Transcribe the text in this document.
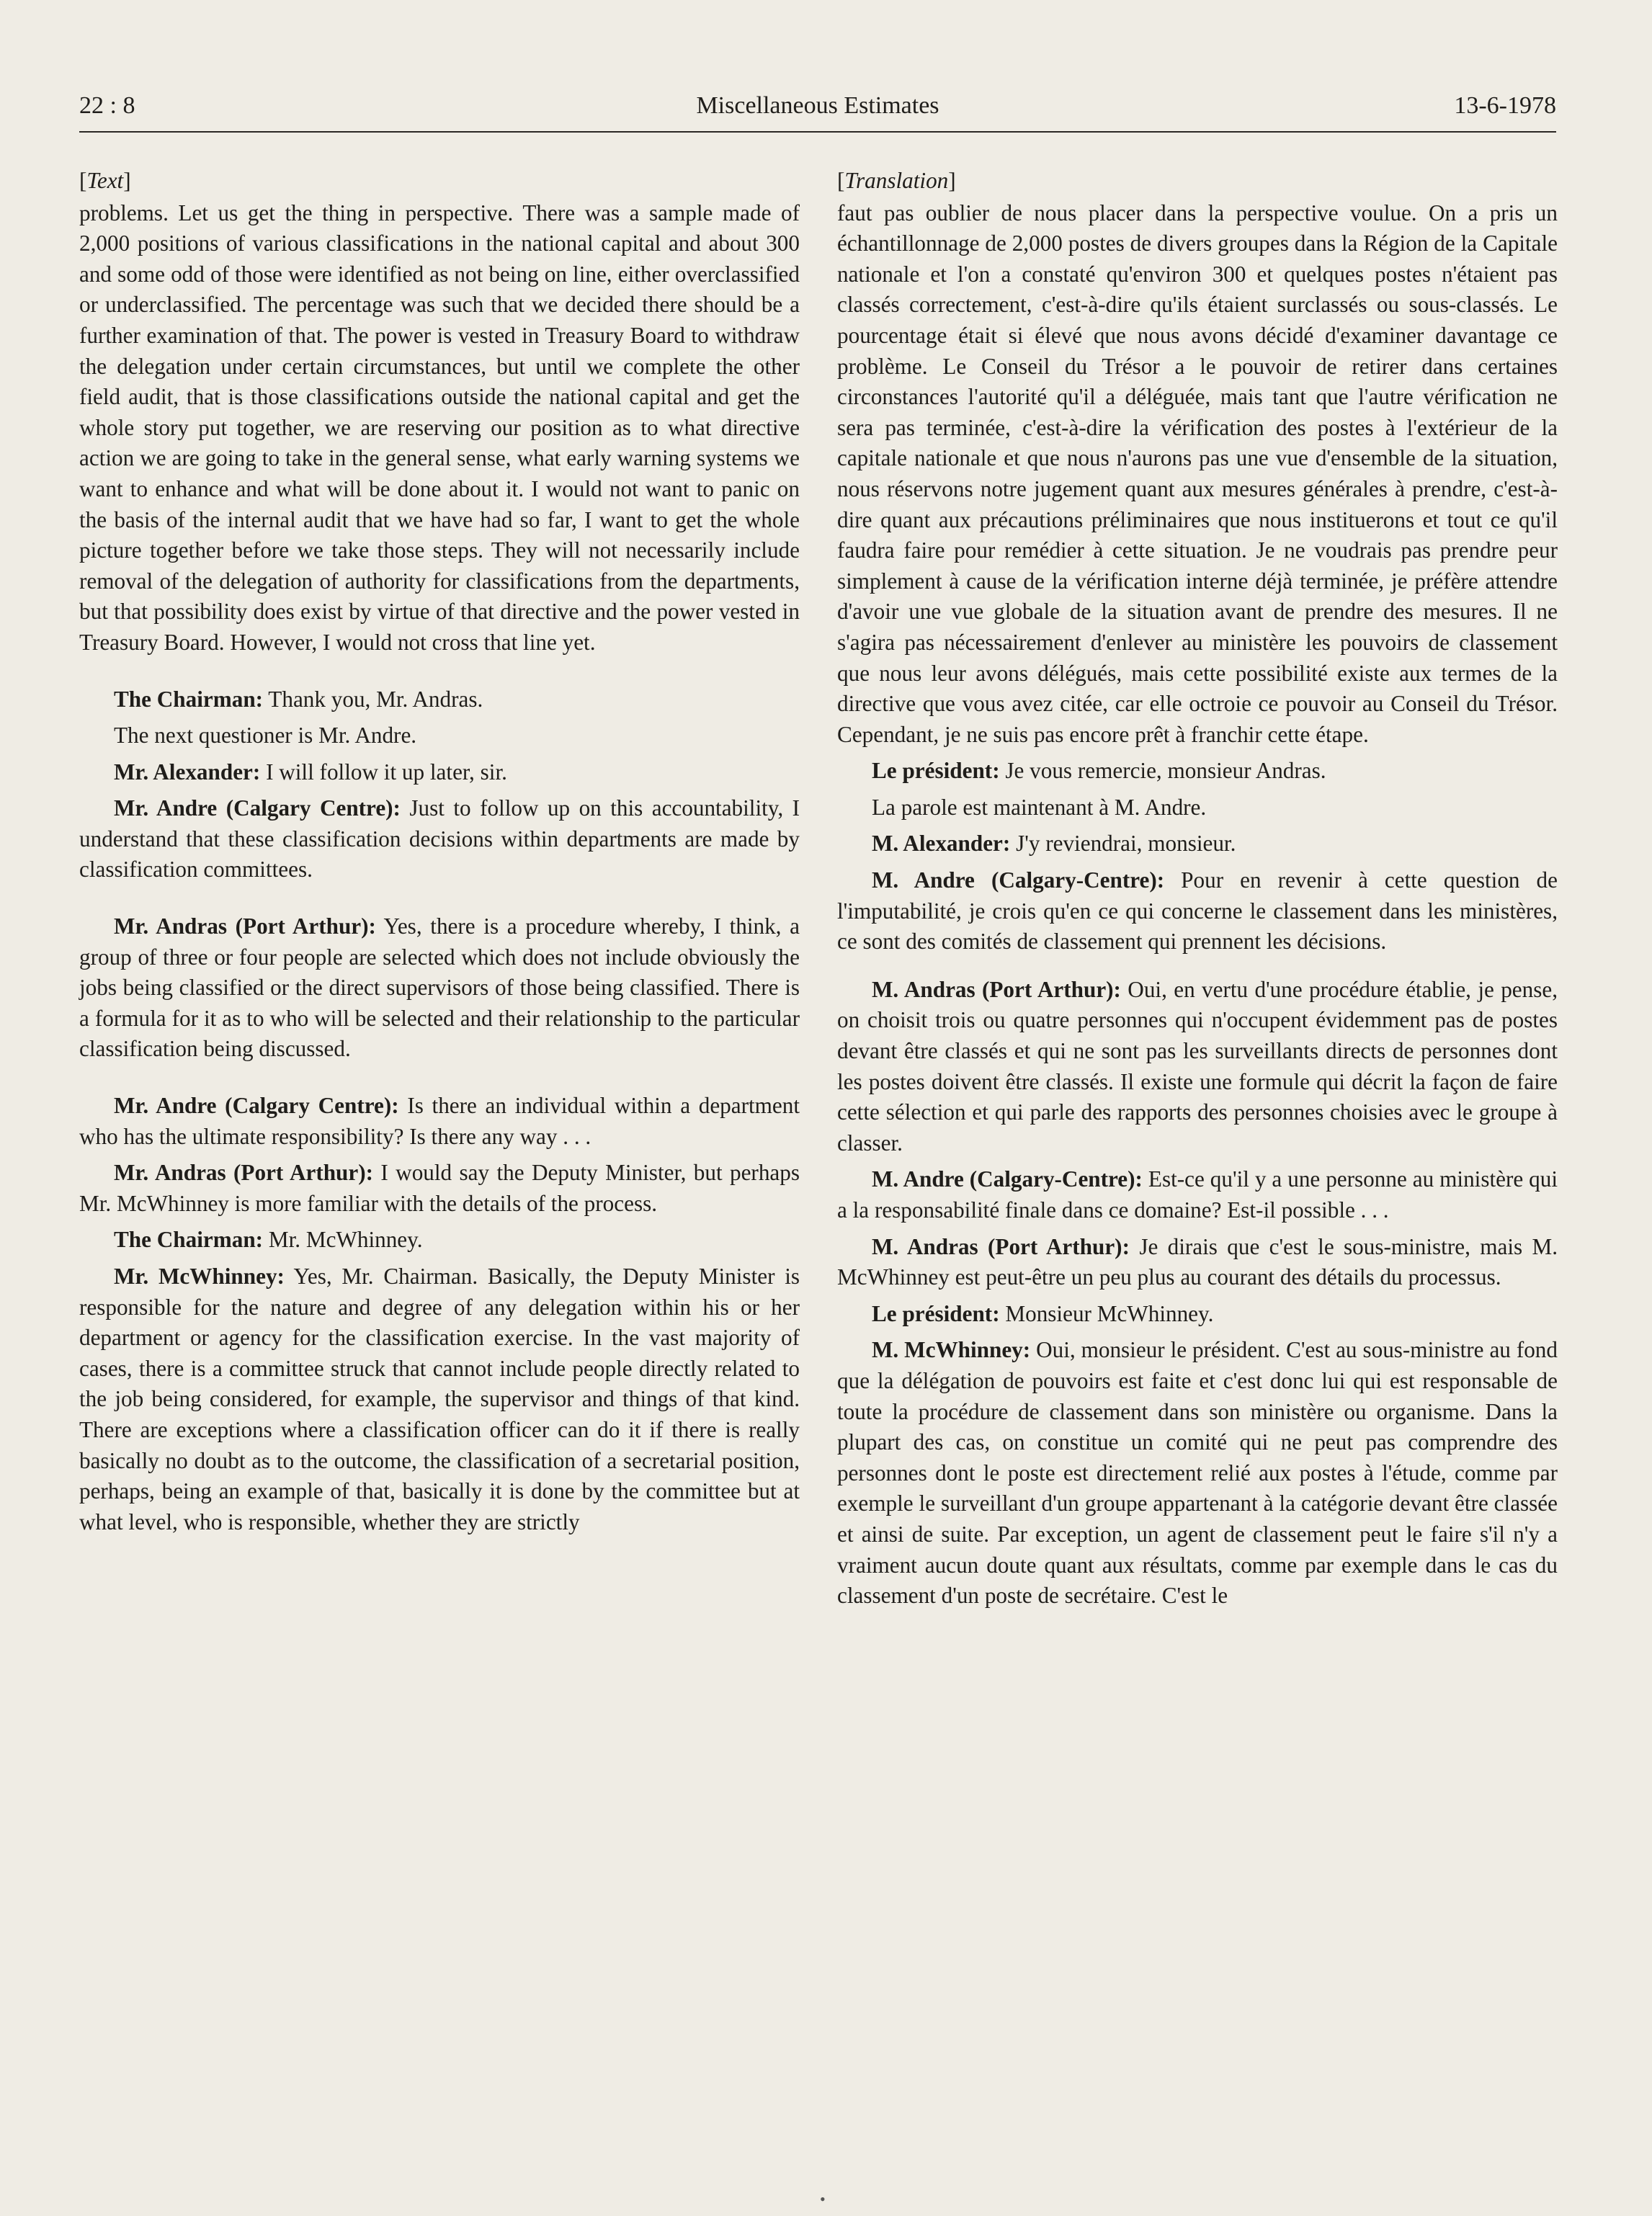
22 : 8	Miscellaneous Estimates	13-6-1978
[Text]

problems. Let us get the thing in perspective. There was a sample made of 2,000 positions of various classifications in the national capital and about 300 and some odd of those were identified as not being on line, either overclassified or underclassified. The percentage was such that we decided there should be a further examination of that. The power is vested in Treasury Board to withdraw the delegation under certain circumstances, but until we complete the other field audit, that is those classifications outside the national capital and get the whole story put together, we are reserving our position as to what directive action we are going to take in the general sense, what early warning systems we want to enhance and what will be done about it. I would not want to panic on the basis of the internal audit that we have had so far, I want to get the whole picture together before we take those steps. They will not necessarily include removal of the delegation of authority for classifications from the departments, but that possibility does exist by virtue of that directive and the power vested in Treasury Board. However, I would not cross that line yet.

The Chairman: Thank you, Mr. Andras.

The next questioner is Mr. Andre.

Mr. Alexander: I will follow it up later, sir.

Mr. Andre (Calgary Centre): Just to follow up on this accountability, I understand that these classification decisions within departments are made by classification committees.

Mr. Andras (Port Arthur): Yes, there is a procedure whereby, I think, a group of three or four people are selected which does not include obviously the jobs being classified or the direct supervisors of those being classified. There is a formula for it as to who will be selected and their relationship to the particular classification being discussed.

Mr. Andre (Calgary Centre): Is there an individual within a department who has the ultimate responsibility? Is there any way . . .

Mr. Andras (Port Arthur): I would say the Deputy Minister, but perhaps Mr. McWhinney is more familiar with the details of the process.

The Chairman: Mr. McWhinney.

Mr. McWhinney: Yes, Mr. Chairman. Basically, the Deputy Minister is responsible for the nature and degree of any delegation within his or her department or agency for the classification exercise. In the vast majority of cases, there is a committee struck that cannot include people directly related to the job being considered, for example, the supervisor and things of that kind. There are exceptions where a classification officer can do it if there is really basically no doubt as to the outcome, the classification of a secretarial position, perhaps, being an example of that, basically it is done by the committee but at what level, who is responsible, whether they are strictly

[Translation]

faut pas oublier de nous placer dans la perspective voulue. On a pris un échantillonnage de 2,000 postes de divers groupes dans la Région de la Capitale nationale et l'on a constaté qu'environ 300 et quelques postes n'étaient pas classés correctement, c'est-à-dire qu'ils étaient surclassés ou sous-classés. Le pourcentage était si élevé que nous avons décidé d'examiner davantage ce problème. Le Conseil du Trésor a le pouvoir de retirer dans certaines circonstances l'autorité qu'il a déléguée, mais tant que l'autre vérification ne sera pas terminée, c'est-à-dire la vérification des postes à l'extérieur de la capitale nationale et que nous n'aurons pas une vue d'ensemble de la situation, nous réservons notre jugement quant aux mesures générales à prendre, c'est-à-dire quant aux précautions préliminaires que nous instituerons et tout ce qu'il faudra faire pour remédier à cette situation. Je ne voudrais pas prendre peur simplement à cause de la vérification interne déjà terminée, je préfère attendre d'avoir une vue globale de la situation avant de prendre des mesures. Il ne s'agira pas nécessairement d'enlever au ministère les pouvoirs de classement que nous leur avons délégués, mais cette possibilité existe aux termes de la directive que vous avez citée, car elle octroie ce pouvoir au Conseil du Trésor. Cependant, je ne suis pas encore prêt à franchir cette étape.

Le président: Je vous remercie, monsieur Andras.

La parole est maintenant à M. Andre.

M. Alexander: J'y reviendrai, monsieur.

M. Andre (Calgary-Centre): Pour en revenir à cette question de l'imputabilité, je crois qu'en ce qui concerne le classement dans les ministères, ce sont des comités de classement qui prennent les décisions.

M. Andras (Port Arthur): Oui, en vertu d'une procédure établie, je pense, on choisit trois ou quatre personnes qui n'occupent évidemment pas de postes devant être classés et qui ne sont pas les surveillants directs de personnes dont les postes doivent être classés. Il existe une formule qui décrit la façon de faire cette sélection et qui parle des rapports des personnes choisies avec le groupe à classer.

M. Andre (Calgary-Centre): Est-ce qu'il y a une personne au ministère qui a la responsabilité finale dans ce domaine? Est-il possible . . .

M. Andras (Port Arthur): Je dirais que c'est le sous-ministre, mais M. McWhinney est peut-être un peu plus au courant des détails du processus.

Le président: Monsieur McWhinney.

M. McWhinney: Oui, monsieur le président. C'est au sous-ministre au fond que la délégation de pouvoirs est faite et c'est donc lui qui est responsable de toute la procédure de classement dans son ministère ou organisme. Dans la plupart des cas, on constitue un comité qui ne peut pas comprendre des personnes dont le poste est directement relié aux postes à l'étude, comme par exemple le surveillant d'un groupe appartenant à la catégorie devant être classée et ainsi de suite. Par exception, un agent de classement peut le faire s'il n'y a vraiment aucun doute quant aux résultats, comme par exemple dans le cas du classement d'un poste de secrétaire. C'est le

•
